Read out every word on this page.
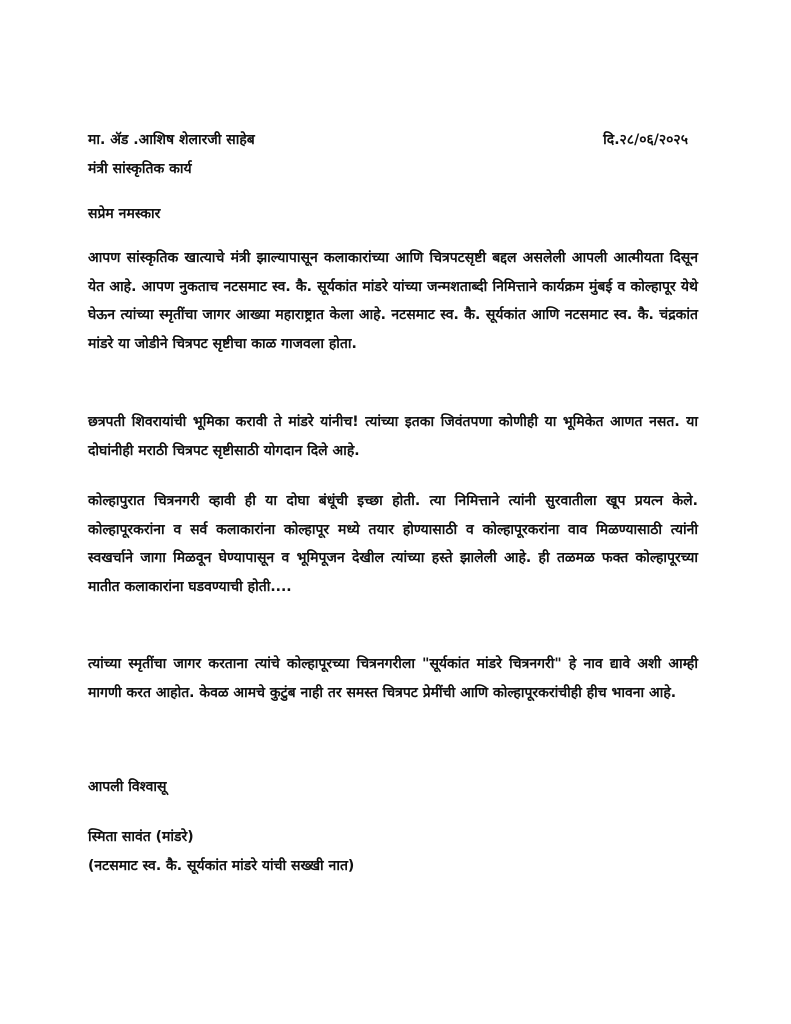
मा. ॲड .आशिष शेलारजी साहेब	दि.२८/०६/२०२५
मंत्री सांस्कृतिक कार्य
सप्रेम नमस्कार
आपण सांस्कृतिक खात्याचे मंत्री झाल्यापासून कलाकारांच्या आणि चित्रपटसृष्टी बद्दल असलेली आपली आत्मीयता दिसून येत आहे. आपण नुकताच नटसमाट स्व. कै. सूर्यकांत मांडरे यांच्या जन्मशताब्दी निमित्ताने कार्यक्रम मुंबई व कोल्हापूर येथे घेऊन त्यांच्या स्मृतींचा जागर आख्या महाराष्ट्रात केला आहे. नटसमाट स्व. कै. सूर्यकांत आणि नटसमाट स्व. कै. चंद्रकांत मांडरे या जोडीने चित्रपट सृष्टीचा काळ गाजवला होता.
छत्रपती शिवरायांची भूमिका करावी ते मांडरे यांनीच! त्यांच्या इतका जिवंतपणा कोणीही या भूमिकेत आणत नसत. या दोघांनीही मराठी चित्रपट सृष्टीसाठी योगदान दिले आहे.
कोल्हापुरात चित्रनगरी व्हावी ही या दोघा बंधूंची इच्छा होती. त्या निमित्ताने त्यांनी सुरवातीला खूप प्रयत्न केले. कोल्हापूरकरांना व सर्व कलाकारांना कोल्हापूर मध्ये तयार होण्यासाठी व कोल्हापूरकरांना वाव मिळण्यासाठी त्यांनी स्वखर्चाने जागा मिळवून घेण्यापासून व भूमिपूजन देखील त्यांच्या हस्ते झालेली आहे. ही तळमळ फक्त कोल्हापूरच्या मातीत कलाकारांना घडवण्याची होती....
त्यांच्या स्मृतींचा जागर करताना त्यांचे कोल्हापूरच्या चित्रनगरीला "सूर्यकांत मांडरे चित्रनगरी" हे नाव द्यावे अशी आम्ही मागणी करत आहोत. केवळ आमचे कुटुंब नाही तर समस्त चित्रपट प्रेमींची आणि कोल्हापूरकरांचीही हीच भावना आहे.
आपली विश्वासू
स्मिता सावंत (मांडरे)
(नटसमाट स्व. कै. सूर्यकांत मांडरे यांची सख्खी नात)
